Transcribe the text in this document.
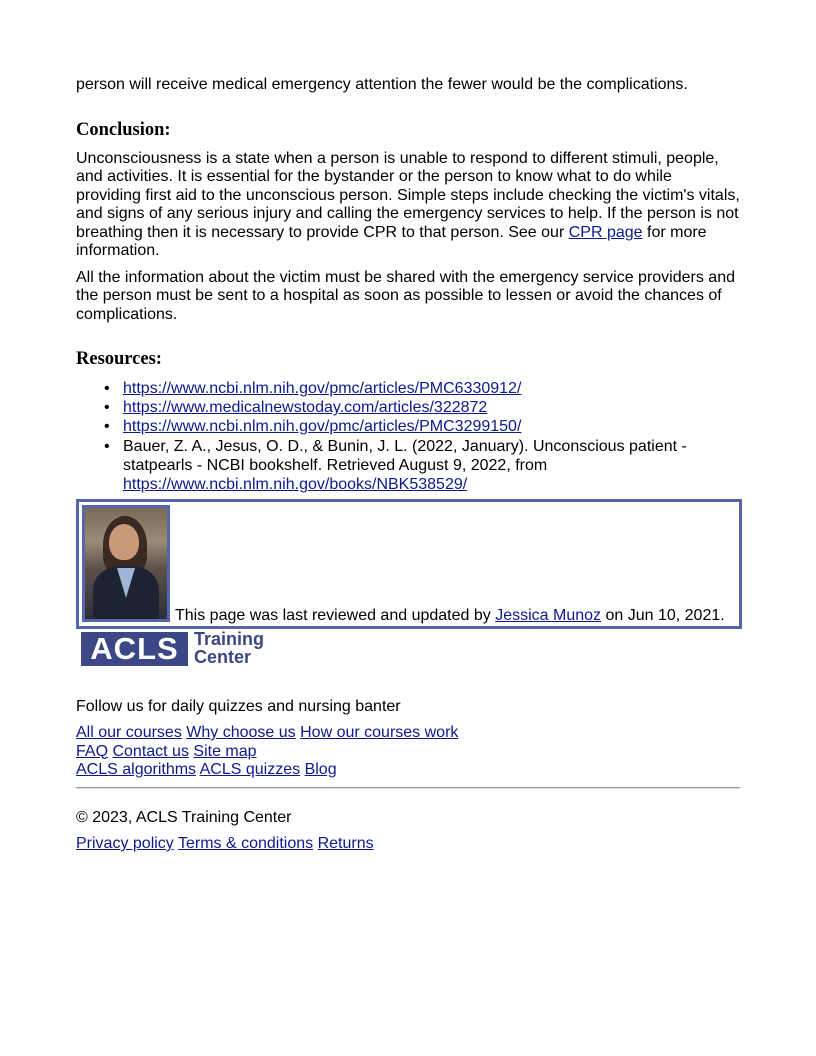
person will receive medical emergency attention the fewer would be the complications.

Conclusion:

Unconsciousness is a state when a person is unable to respond to different stimuli, people, and activities. It is essential for the bystander or the person to know what to do while providing first aid to the unconscious person. Simple steps include checking the victim's vitals, and signs of any serious injury and calling the emergency services to help. If the person is not breathing then it is necessary to provide CPR to that person. See our CPR page for more information.

All the information about the victim must be shared with the emergency service providers and the person must be sent to a hospital as soon as possible to lessen or avoid the chances of complications.

Resources:
• https://www.ncbi.nlm.nih.gov/pmc/articles/PMC6330912/
• https://www.medicalnewstoday.com/articles/322872
• https://www.ncbi.nlm.nih.gov/pmc/articles/PMC3299150/
• Bauer, Z. A., Jesus, O. D., & Bunin, J. L. (2022, January). Unconscious patient - statpearls - NCBI bookshelf. Retrieved August 9, 2022, from https://www.ncbi.nlm.nih.gov/books/NBK538529/
This page was last reviewed and updated by Jessica Munoz on Jun 10, 2021.
ACLS Training
Center
Follow us for daily quizzes and nursing banter
All our courses Why choose us How our courses work
FAQ Contact us Site map
ACLS algorithms ACLS quizzes Blog
© 2023, ACLS Training Center
Privacy policy Terms & conditions Returns
